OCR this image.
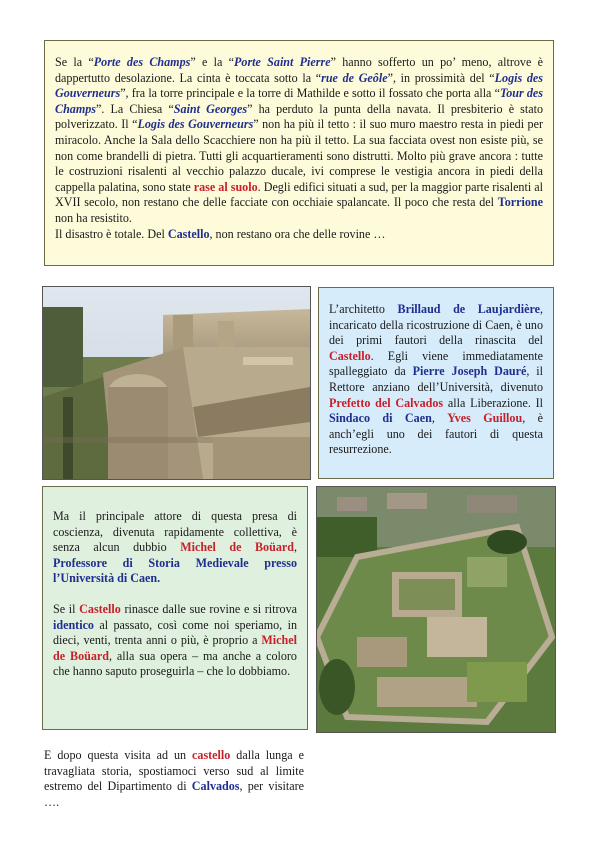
Se la “Porte des Champs” e la “Porte Saint Pierre” hanno sofferto un po’ meno, altrove è dappertutto desolazione. La cinta è toccata sotto la “rue de Geôle”, in prossimità del “Logis des Gouverneurs”, fra la torre principale e la torre di Mathilde e sotto il fossato che porta alla “Tour des Champs”. La Chiesa “Saint Georges” ha perduto la punta della navata. Il presbiterio è stato polverizzato. Il “Logis des Gouverneurs” non ha più il tetto : il suo muro maestro resta in piedi per miracolo. Anche la Sala dello Scacchiere non ha più il tetto. La sua facciata ovest non esiste più, se non come brandelli di pietra. Tutti gli acquartieramenti sono distrutti. Molto più grave ancora : tutte le costruzioni risalenti al vecchio palazzo ducale, ivi comprese le vestigia ancora in piedi della cappella palatina, sono state rase al suolo. Degli edifici situati a sud, per la maggior parte risalenti al XVII secolo, non restano che delle facciate con occhiaie spalancate. Il poco che resta del Torrione non ha resistito.

Il disastro è totale. Del Castello, non restano ora che delle rovine …

L’architetto Brillaud de Laujardière, incaricato della ricostruzione di Caen, è uno dei primi fautori della rinascita del Castello. Egli viene immediatamente spalleggiato da Pierre Joseph Dauré, il Rettore anziano dell’Università, divenuto Prefetto del Calvados alla Liberazione. Il Sindaco di Caen, Yves Guillou, è anch’egli uno dei fautori di questa resurrezione.

Ma il principale attore di questa presa di coscienza, divenuta rapidamente collettiva, è senza alcun dubbio Michel de Boüard, Professore di Storia Medievale presso l’Università di Caen.

Se il Castello rinasce dalle sue rovine e si ritrova identico al passato, così come noi speriamo, in dieci, venti, trenta anni o più, è proprio a Michel de Boüard, alla sua opera – ma anche a coloro che hanno saputo proseguirla – che lo dobbiamo.

E dopo questa visita ad un castello dalla lunga e travagliata storia, spostiamoci verso sud al limite estremo del Dipartimento di Calvados, per visitare ….
